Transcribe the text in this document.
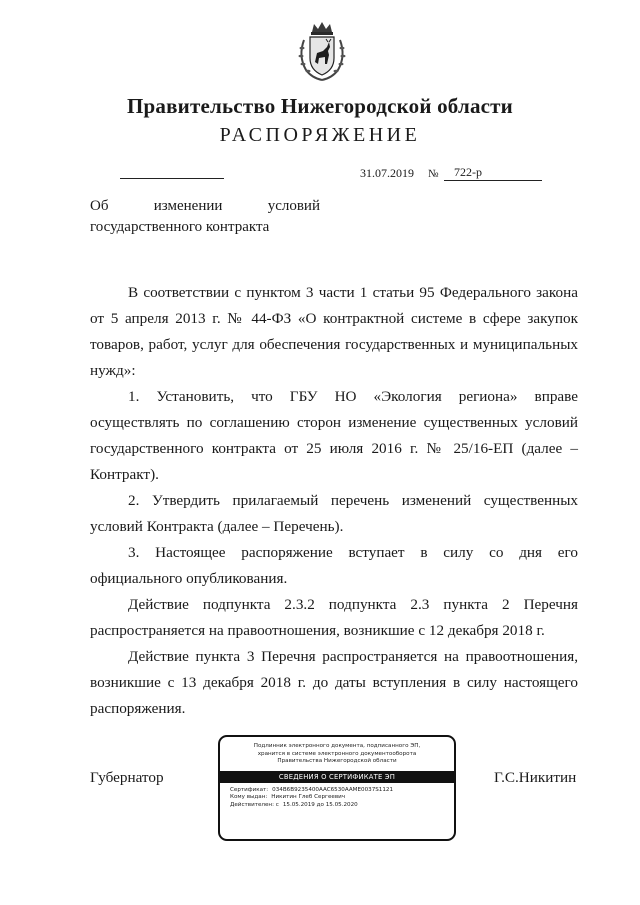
Правительство Нижегородской области
РАСПОРЯЖЕНИЕ
31.07.2019 №	722-р
Об	изменении	условий
государственного контракта

В соответствии с пунктом 3 части 1 статьи 95 Федерального закона от 5 апреля 2013 г. № 44-ФЗ «О контрактной системе в сфере закупок товаров, работ, услуг для обеспечения государственных и муниципальных нужд»:

1. Установить, что ГБУ НО «Экология региона» вправе осуществлять по соглашению сторон изменение существенных условий государственного контракта от 25 июля 2016 г. № 25/16-ЕП (далее – Контракт).

2. Утвердить прилагаемый перечень изменений существенных условий Контракта (далее – Перечень).

3. Настоящее распоряжение вступает в силу со дня его официального опубликования.

Действие подпункта 2.3.2 подпункта 2.3 пункта 2 Перечня распространяется на правоотношения, возникшие с 12 декабря 2018 г.

Действие пункта 3 Перечня распространяется на правоотношения, возникшие с 13 декабря 2018 г. до даты вступления в силу настоящего распоряжения.

Губернатор	Г.С.Никитин
Подлинник электронного документа, подписанного ЭП,
хранится в системе электронного документооборота
Правительства Нижегородской области
СВЕДЕНИЯ О СЕРТИФИКАТЕ ЭП
Сертификат: 034B6B9235400AAC6530AAME0037S1121
Кому выдан: Никитин Глеб Сергеевич
Действителен: с 15.05.2019 до 15.05.2020
